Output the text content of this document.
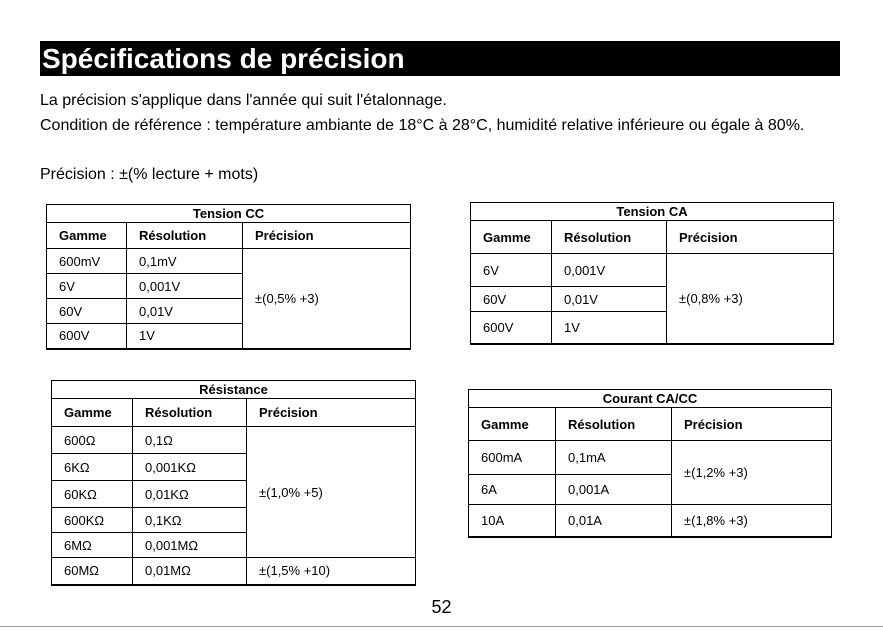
Spécifications de précision
La précision s'applique dans l'année qui suit l'étalonnage.
Condition de référence : température ambiante de 18°C à 28°C, humidité relative inférieure ou égale à 80%.
Précision : ±(% lecture + mots)
Tension CC		
Gamme	Résolution	Précision
600mV	0,1mV	±(0,5% +3)
6V	0,001V	
60V	0,01V	
600V	1V	
Tension CA		
Gamme	Résolution	Précision
6V	0,001V	±(0,8% +3)
60V	0,01V	
600V	1V	
Résistance		
Gamme	Résolution	Précision
600Ω	0,1Ω	±(1,0% +5)
6KΩ	0,001KΩ	
60KΩ	0,01KΩ	
600KΩ	0,1KΩ	
6MΩ	0,001MΩ	
60MΩ	0,01MΩ	±(1,5% +10)
Courant CA/CC		
Gamme	Résolution	Précision
600mA	0,1mA	±(1,2% +3)
6A	0,001A	
10A	0,01A	±(1,8% +3)
52
